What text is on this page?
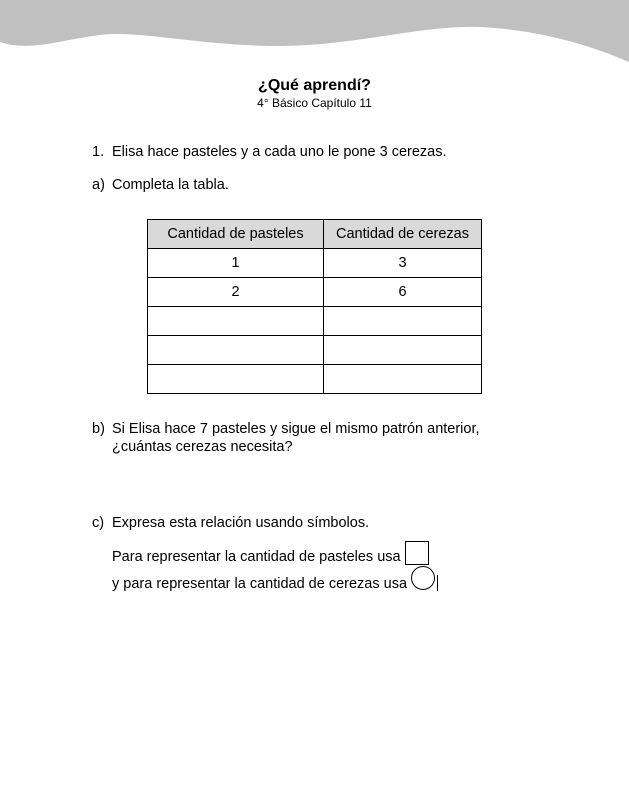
¿Qué aprendí?
4° Básico Capítulo 11
1. Elisa hace pasteles y a cada uno le pone 3 cerezas.
a) Completa la tabla.
Cantidad de pasteles	Cantidad de cerezas
1	3
2	6

b) Si Elisa hace 7 pasteles y sigue el mismo patrón anterior,
¿cuántas cerezas necesita?
c) Expresa esta relación usando símbolos.
Para representar la cantidad de pasteles usa
y para representar la cantidad de cerezas usa
